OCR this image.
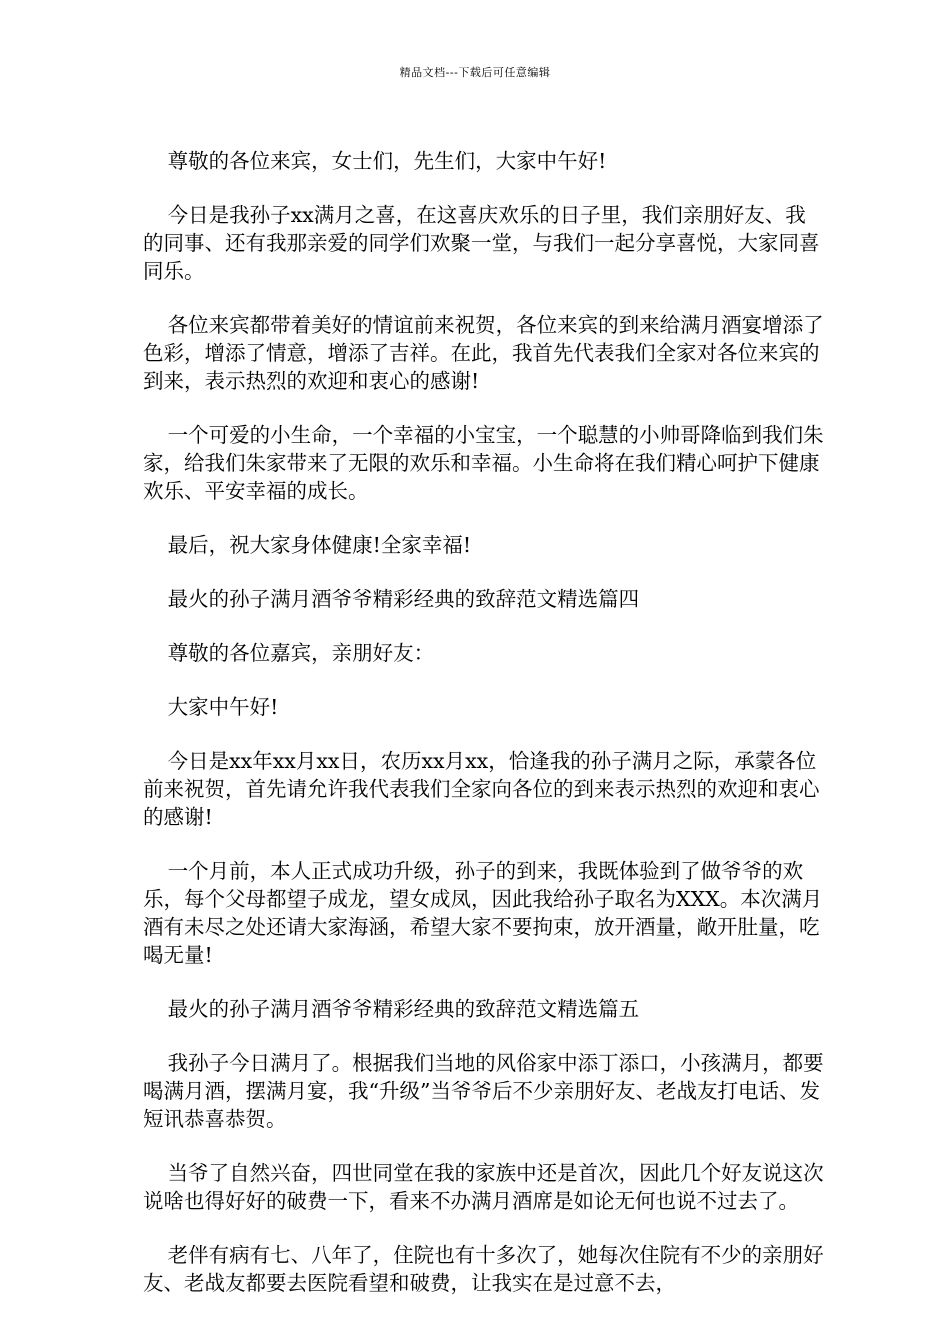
精品文档---下载后可任意编辑

尊敬的各位来宾，女士们，先生们，大家中午好!

今日是我孙子xx满月之喜，在这喜庆欢乐的日子里，我们亲朋好友、我的同事、还有我那亲爱的同学们欢聚一堂，与我们一起分享喜悦，大家同喜同乐。

各位来宾都带着美好的情谊前来祝贺，各位来宾的到来给满月酒宴增添了色彩，增添了情意，增添了吉祥。在此，我首先代表我们全家对各位来宾的到来，表示热烈的欢迎和衷心的感谢!

一个可爱的小生命，一个幸福的小宝宝，一个聪慧的小帅哥降临到我们朱家，给我们朱家带来了无限的欢乐和幸福。小生命将在我们精心呵护下健康欢乐、平安幸福的成长。

最后，祝大家身体健康!全家幸福!

最火的孙子满月酒爷爷精彩经典的致辞范文精选篇四

尊敬的各位嘉宾，亲朋好友：

大家中午好!

今日是xx年xx月xx日，农历xx月xx，恰逢我的孙子满月之际，承蒙各位前来祝贺，首先请允许我代表我们全家向各位的到来表示热烈的欢迎和衷心的感谢!

一个月前，本人正式成功升级，孙子的到来，我既体验到了做爷爷的欢乐，每个父母都望子成龙，望女成凤，因此我给孙子取名为XXX。本次满月酒有未尽之处还请大家海涵，希望大家不要拘束，放开酒量，敞开肚量，吃喝无量!

最火的孙子满月酒爷爷精彩经典的致辞范文精选篇五

我孙子今日满月了。根据我们当地的风俗家中添丁添口，小孩满月，都要喝满月酒，摆满月宴，我“升级”当爷爷后不少亲朋好友、老战友打电话、发短讯恭喜恭贺。

当爷了自然兴奋，四世同堂在我的家族中还是首次，因此几个好友说这次说啥也得好好的破费一下，看来不办满月酒席是如论无何也说不过去了。

老伴有病有七、八年了，住院也有十多次了，她每次住院有不少的亲朋好友、老战友都要去医院看望和破费，让我实在是过意不去，
